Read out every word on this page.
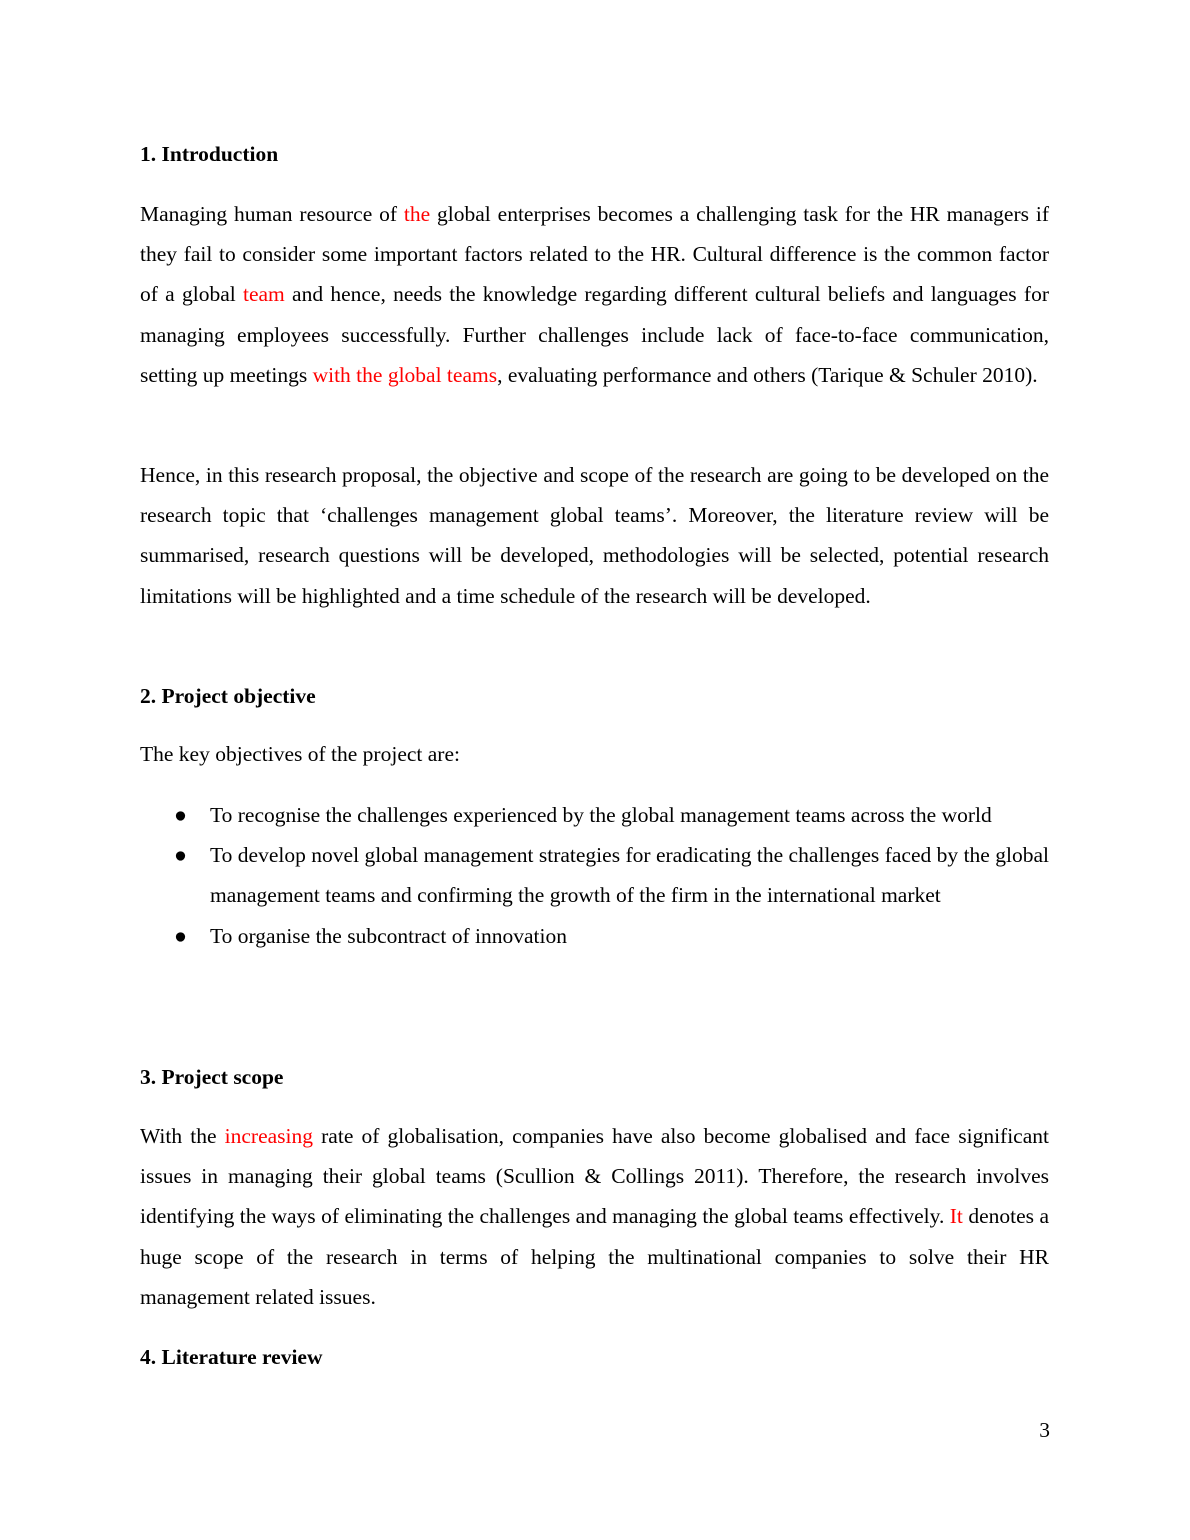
1. Introduction

Managing human resource of the global enterprises becomes a challenging task for the HR managers if they fail to consider some important factors related to the HR. Cultural difference is the common factor of a global team and hence, needs the knowledge regarding different cultural beliefs and languages for managing employees successfully. Further challenges include lack of face-to-face communication, setting up meetings with the global teams, evaluating performance and others (Tarique & Schuler 2010).

Hence, in this research proposal, the objective and scope of the research are going to be developed on the research topic that ‘challenges management global teams’. Moreover, the literature review will be summarised, research questions will be developed, methodologies will be selected, potential research limitations will be highlighted and a time schedule of the research will be developed.

2. Project objective

The key objectives of the project are:

● To recognise the challenges experienced by the global management teams across the world
● To develop novel global management strategies for eradicating the challenges faced by the global management teams and confirming the growth of the firm in the international market
● To organise the subcontract of innovation
3. Project scope

With the increasing rate of globalisation, companies have also become globalised and face significant issues in managing their global teams (Scullion & Collings 2011). Therefore, the research involves identifying the ways of eliminating the challenges and managing the global teams effectively. It denotes a huge scope of the research in terms of helping the multinational companies to solve their HR management related issues.

4. Literature review
3
